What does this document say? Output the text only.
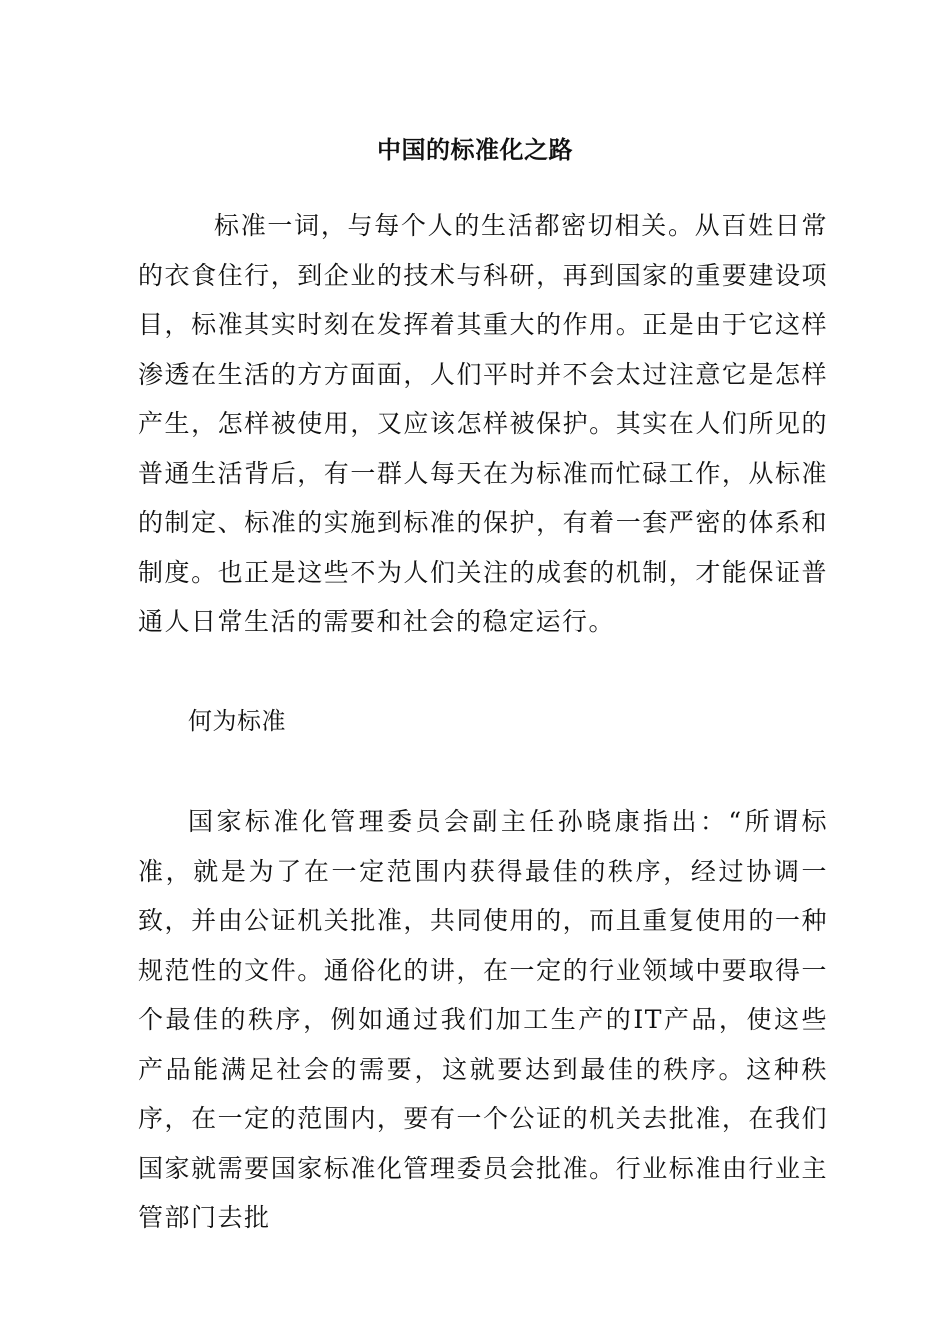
中国的标准化之路

标准一词，与每个人的生活都密切相关。从百姓日常的衣食住行，到企业的技术与科研，再到国家的重要建设项目，标准其实时刻在发挥着其重大的作用。正是由于它这样渗透在生活的方方面面，人们平时并不会太过注意它是怎样产生，怎样被使用，又应该怎样被保护。其实在人们所见的普通生活背后，有一群人每天在为标准而忙碌工作，从标准的制定、标准的实施到标准的保护，有着一套严密的体系和制度。也正是这些不为人们关注的成套的机制，才能保证普通人日常生活的需要和社会的稳定运行。

何为标准

国家标准化管理委员会副主任孙晓康指出：“所谓标准，就是为了在一定范围内获得最佳的秩序，经过协调一致，并由公证机关批准，共同使用的，而且重复使用的一种规范性的文件。通俗化的讲，在一定的行业领域中要取得一个最佳的秩序，例如通过我们加工生产的IT产品，使这些产品能满足社会的需要，这就要达到最佳的秩序。这种秩序，在一定的范围内，要有一个公证的机关去批准，在我们国家就需要国家标准化管理委员会批准。行业标准由行业主管部门去批
